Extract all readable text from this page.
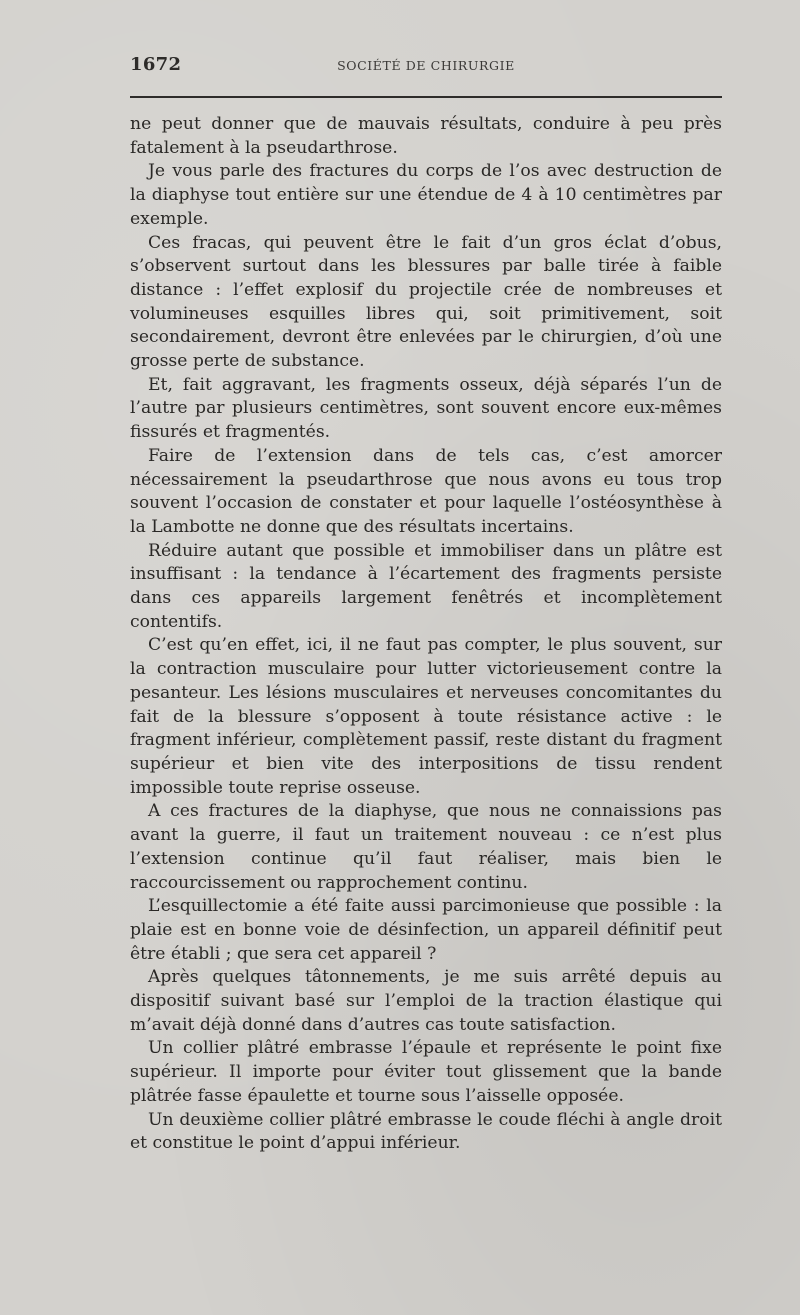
1672	SOCIÉTÉ DE CHIRURGIE

ne peut donner que de mauvais résultats, conduire à peu près fatalement à la pseudarthrose.

Je vous parle des fractures du corps de l’os avec destruction de la diaphyse tout entière sur une étendue de 4 à 10 centimètres par exemple.

Ces fracas, qui peuvent être le fait d’un gros éclat d’obus, s’observent surtout dans les blessures par balle tirée à faible distance : l’effet explosif du projectile crée de nombreuses et volumineuses esquilles libres qui, soit primitivement, soit secondairement, devront être enlevées par le chirurgien, d’où une grosse perte de substance.

Et, fait aggravant, les fragments osseux, déjà séparés l’un de l’autre par plusieurs centimètres, sont souvent encore eux-mêmes fissurés et fragmentés.

Faire de l’extension dans de tels cas, c’est amorcer nécessairement la pseudarthrose que nous avons eu tous trop souvent l’occasion de constater et pour laquelle l’ostéosynthèse à la Lambotte ne donne que des résultats incertains.

Réduire autant que possible et immobiliser dans un plâtre est insuffisant : la tendance à l’écartement des fragments persiste dans ces appareils largement fenêtrés et incomplètement contentifs.

C’est qu’en effet, ici, il ne faut pas compter, le plus souvent, sur la contraction musculaire pour lutter victorieusement contre la pesanteur. Les lésions musculaires et nerveuses concomitantes du fait de la blessure s’opposent à toute résistance active : le fragment inférieur, complètement passif, reste distant du fragment supérieur et bien vite des interpositions de tissu rendent impossible toute reprise osseuse.

A ces fractures de la diaphyse, que nous ne connaissions pas avant la guerre, il faut un traitement nouveau : ce n’est plus l’extension continue qu’il faut réaliser, mais bien le raccourcissement ou rapprochement continu.

L’esquillectomie a été faite aussi parcimonieuse que possible : la plaie est en bonne voie de désinfection, un appareil définitif peut être établi ; que sera cet appareil ?

Après quelques tâtonnements, je me suis arrêté depuis au dispositif suivant basé sur l’emploi de la traction élastique qui m’avait déjà donné dans d’autres cas toute satisfaction.

Un collier plâtré embrasse l’épaule et représente le point fixe supérieur. Il importe pour éviter tout glissement que la bande plâtrée fasse épaulette et tourne sous l’aisselle opposée.

Un deuxième collier plâtré embrasse le coude fléchi à angle droit et constitue le point d’appui inférieur.
